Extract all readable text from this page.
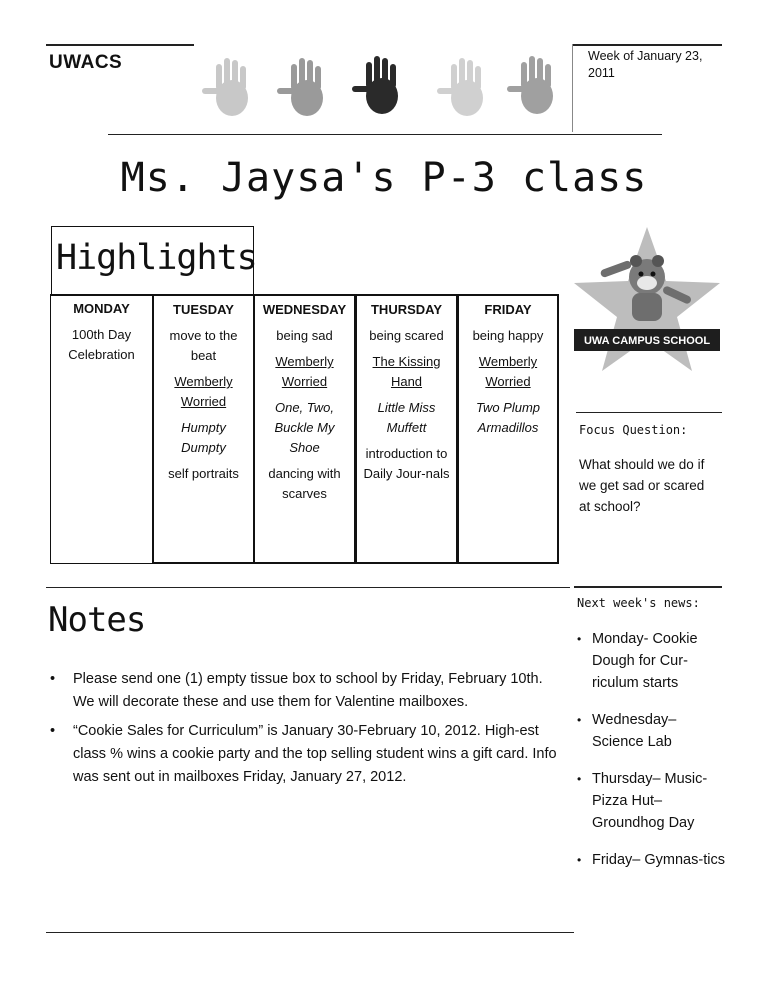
UWACS	Week of January 23, 2011
Ms. Jaysa's P-3 class
Highlights
MONDAY
100th Day Celebration
TUESDAY
move to the beat
Wemberly Worried
Humpty Dumpty
self portraits
WEDNESDAY
being sad
Wemberly Worried
One, Two, Buckle My Shoe
dancing with scarves
THURSDAY
being scared
The Kissing Hand
Little Miss Muffett
introduction to Daily Jour-nals
FRIDAY
being happy
Wemberly Worried
Two Plump Armadillos
UWA CAMPUS SCHOOL
Focus Question:
What should we do if we get sad or scared at school?
Notes
• Please send one (1) empty tissue box to school by Friday, February 10th. We will decorate these and use them for Valentine mailboxes.
• “Cookie Sales for Curriculum” is January 30-February 10, 2012. High-est class % wins a cookie party and the top selling student wins a gift card. Info was sent out in mailboxes Friday, January 27, 2012.
Next week's news:
• Monday- Cookie Dough for Cur-riculum starts
• Wednesday– Science Lab
• Thursday– Music- Pizza Hut– Groundhog Day
• Friday– Gymnas-tics
